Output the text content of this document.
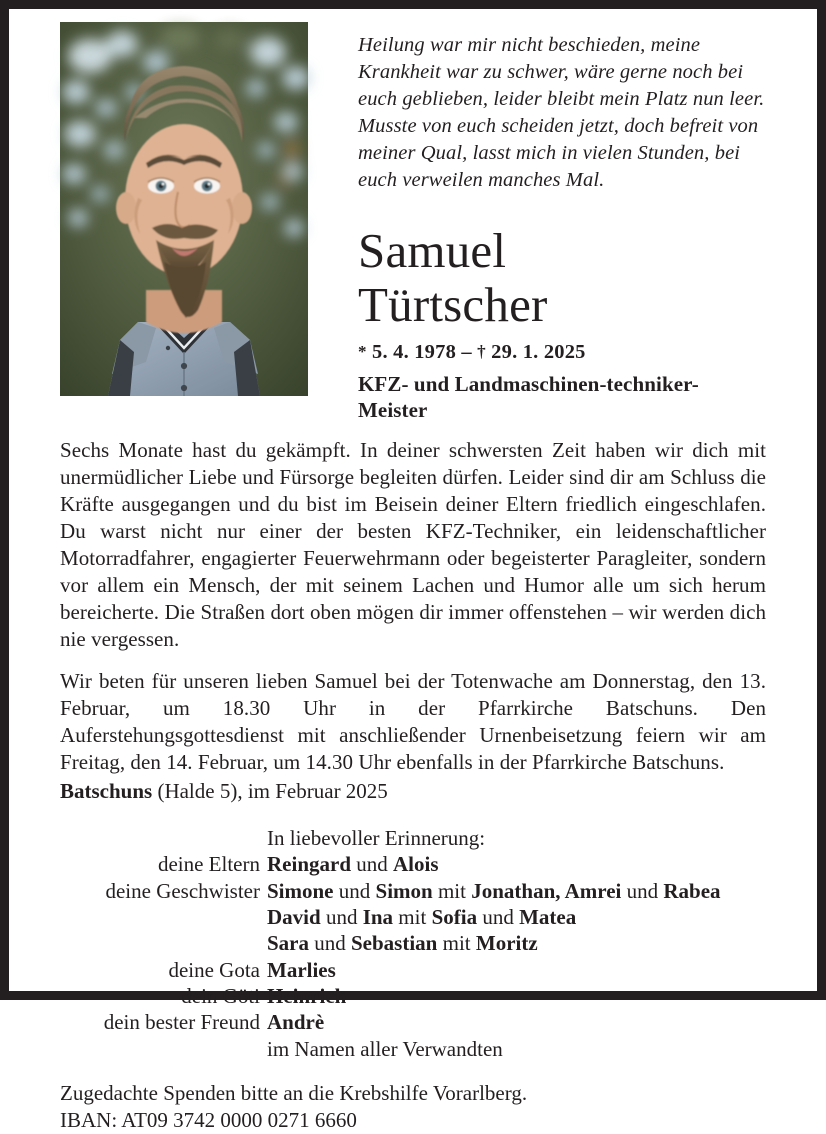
Heilung war mir nicht beschieden, meine Krankheit war zu schwer, wäre gerne noch bei euch geblieben, leider bleibt mein Platz nun leer. Musste von euch scheiden jetzt, doch befreit von meiner Qual, lasst mich in vielen Stunden, bei euch verweilen manches Mal.
Samuel
Türtscher
* 5. 4. 1978 – † 29. 1. 2025
KFZ- und Landmaschinen-techniker-Meister

Sechs Monate hast du gekämpft. In deiner schwersten Zeit haben wir dich mit unermüdlicher Liebe und Fürsorge begleiten dürfen. Leider sind dir am Schluss die Kräfte ausgegangen und du bist im Beisein deiner Eltern friedlich eingeschlafen. Du warst nicht nur einer der besten KFZ-Techniker, ein leidenschaftlicher Motorradfahrer, engagierter Feuerwehrmann oder begeisterter Paragleiter, sondern vor allem ein Mensch, der mit seinem Lachen und Humor alle um sich herum bereicherte. Die Straßen dort oben mögen dir immer offenstehen – wir werden dich nie vergessen.

Wir beten für unseren lieben Samuel bei der Totenwache am Donnerstag, den 13. Februar, um 18.30 Uhr in der Pfarrkirche Batschuns. Den Auferstehungsgottesdienst mit anschließender Urnenbeisetzung feiern wir am Freitag, den 14. Februar, um 14.30 Uhr ebenfalls in der Pfarrkirche Batschuns.

Batschuns (Halde 5), im Februar 2025
	In liebevoller Erinnerung:
deine Eltern	Reingard und Alois
deine Geschwister	Simone und Simon mit Jonathan, Amrei und Rabea
	David und Ina mit Sofia und Matea
	Sara und Sebastian mit Moritz
deine Gota	Marlies
dein Göti	Heinrich
dein bester Freund	Andrè
	im Namen aller Verwandten
Zugedachte Spenden bitte an die Krebshilfe Vorarlberg.
IBAN: AT09 3742 0000 0271 6660
